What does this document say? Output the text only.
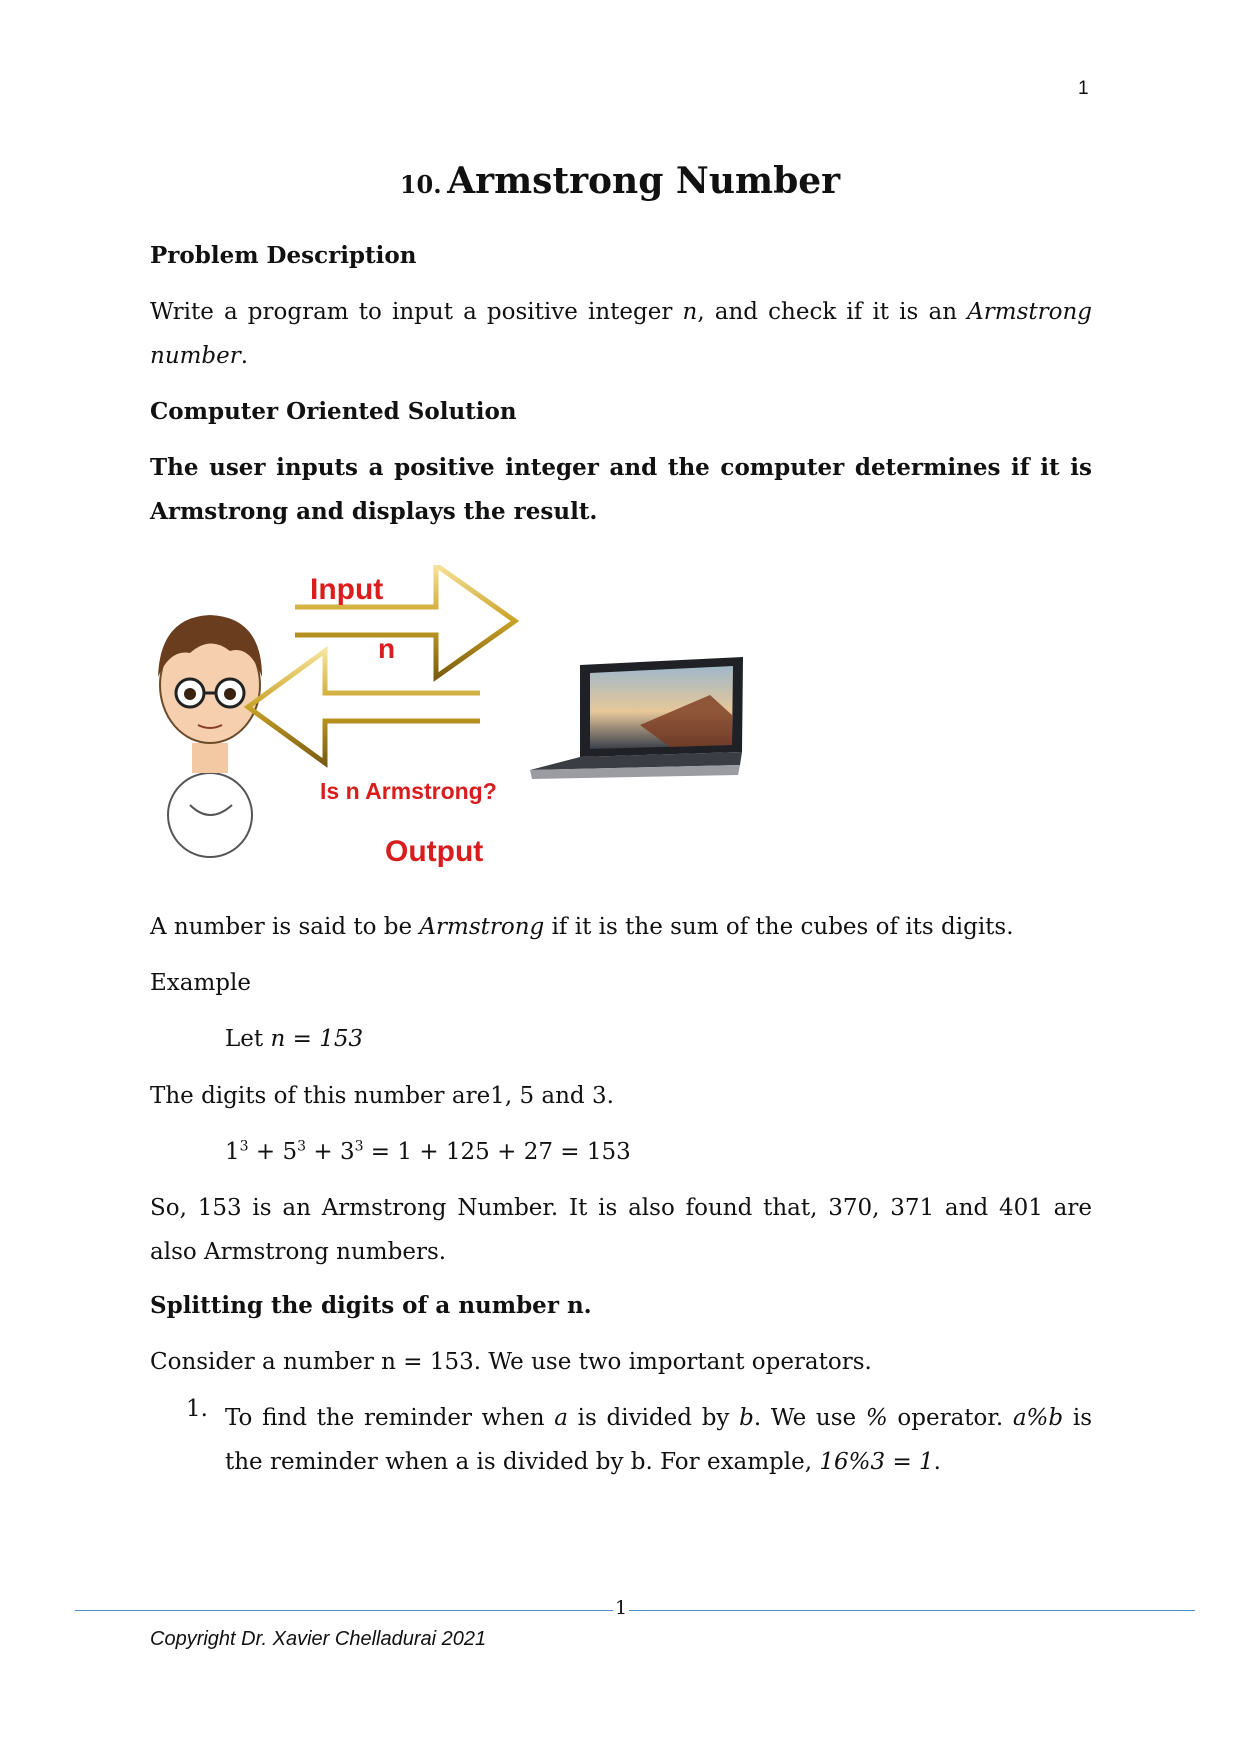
1
10. Armstrong Number
Problem Description
Write a program to input a positive integer n, and check if it is an Armstrong number.
Computer Oriented Solution
The user inputs a positive integer and the computer determines if it is Armstrong and displays the result.
Input
n
Is n Armstrong?
Output
A number is said to be Armstrong if it is the sum of the cubes of its digits.
Example
Let n = 153
The digits of this number are1, 5 and 3.
$1^3 + 5^3 + 3^3 = 1 + 125 + 27 = 153$
So, 153 is an Armstrong Number. It is also found that, 370, 371 and 401 are also Armstrong numbers.
Splitting the digits of a number n.
Consider a number n = 153. We use two important operators.
1. To find the reminder when a is divided by b. We use % operator. a%b is the reminder when a is divided by b. For example, 16%3 = 1.
1
Copyright Dr. Xavier Chelladurai 2021
